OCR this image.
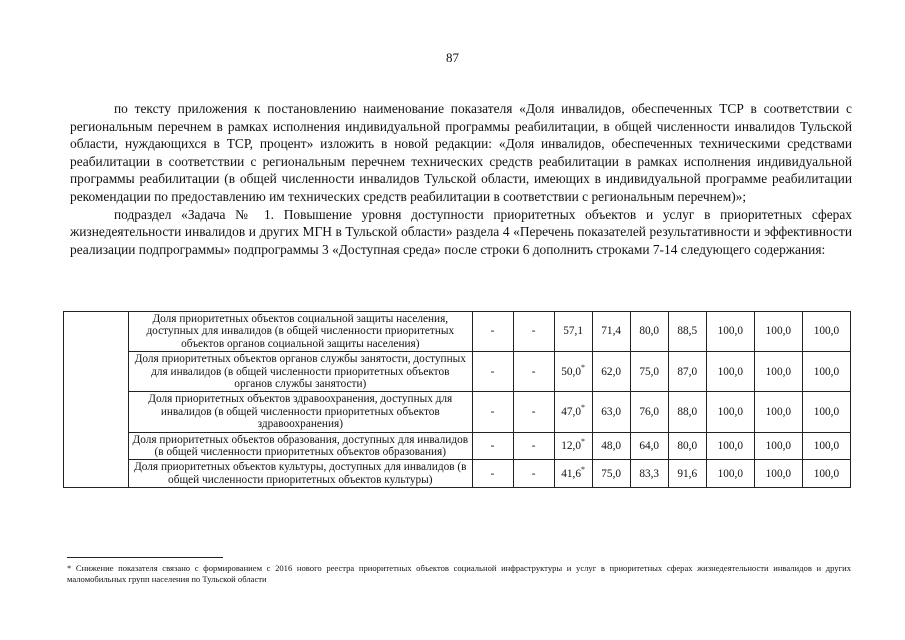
87

по тексту приложения к постановлению наименование показателя «Доля инвалидов, обеспеченных ТСР в соответствии с региональным перечнем в рамках исполнения индивидуальной программы реабилитации, в общей численности инвалидов Тульской области, нуждающихся в ТСР, процент» изложить в новой редакции: «Доля инвалидов, обеспеченных техническими средствами реабилитации в соответствии с региональным перечнем технических средств реабилитации в рамках исполнения индивидуальной программы реабилитации (в общей численности инвалидов Тульской области, имеющих в индивидуальной программе реабилитации рекомендации по предоставлению им технических средств реабилитации в соответствии с региональным перечнем)»;

подраздел «Задача № 1. Повышение уровня доступности приоритетных объектов и услуг в приоритетных сферах жизнедеятельности инвалидов и других МГН в Тульской области» раздела 4 «Перечень показателей результативности и эффективности реализации подпрограммы» подпрограммы 3 «Доступная среда» после строки 6 дополнить строками 7-14 следующего содержания:

	Доля приоритетных объектов социальной защиты населения, доступных для инвалидов (в общей численности приоритетных объектов органов социальной защиты населения)	-	-	57,1	71,4	80,0	88,5	100,0	100,0	100,0
	Доля приоритетных объектов органов службы занятости, доступных для инвалидов (в общей численности приоритетных объектов органов службы занятости)	-	-	50,0*	62,0	75,0	87,0	100,0	100,0	100,0
	Доля приоритетных объектов здравоохранения, доступных для инвалидов (в общей численности приоритетных объектов здравоохранения)	-	-	47,0*	63,0	76,0	88,0	100,0	100,0	100,0
	Доля приоритетных объектов образования, доступных для инвалидов (в общей численности приоритетных объектов образования)	-	-	12,0*	48,0	64,0	80,0	100,0	100,0	100,0
	Доля приоритетных объектов культуры, доступных для инвалидов (в общей численности приоритетных объектов культуры)	-	-	41,6*	75,0	83,3	91,6	100,0	100,0	100,0
* Снижение показателя связано с формированием с 2016 нового реестра приоритетных объектов социальной инфраструктуры и услуг в приоритетных сферах жизнедеятельности инвалидов и других маломобильных групп населения по Тульской области
